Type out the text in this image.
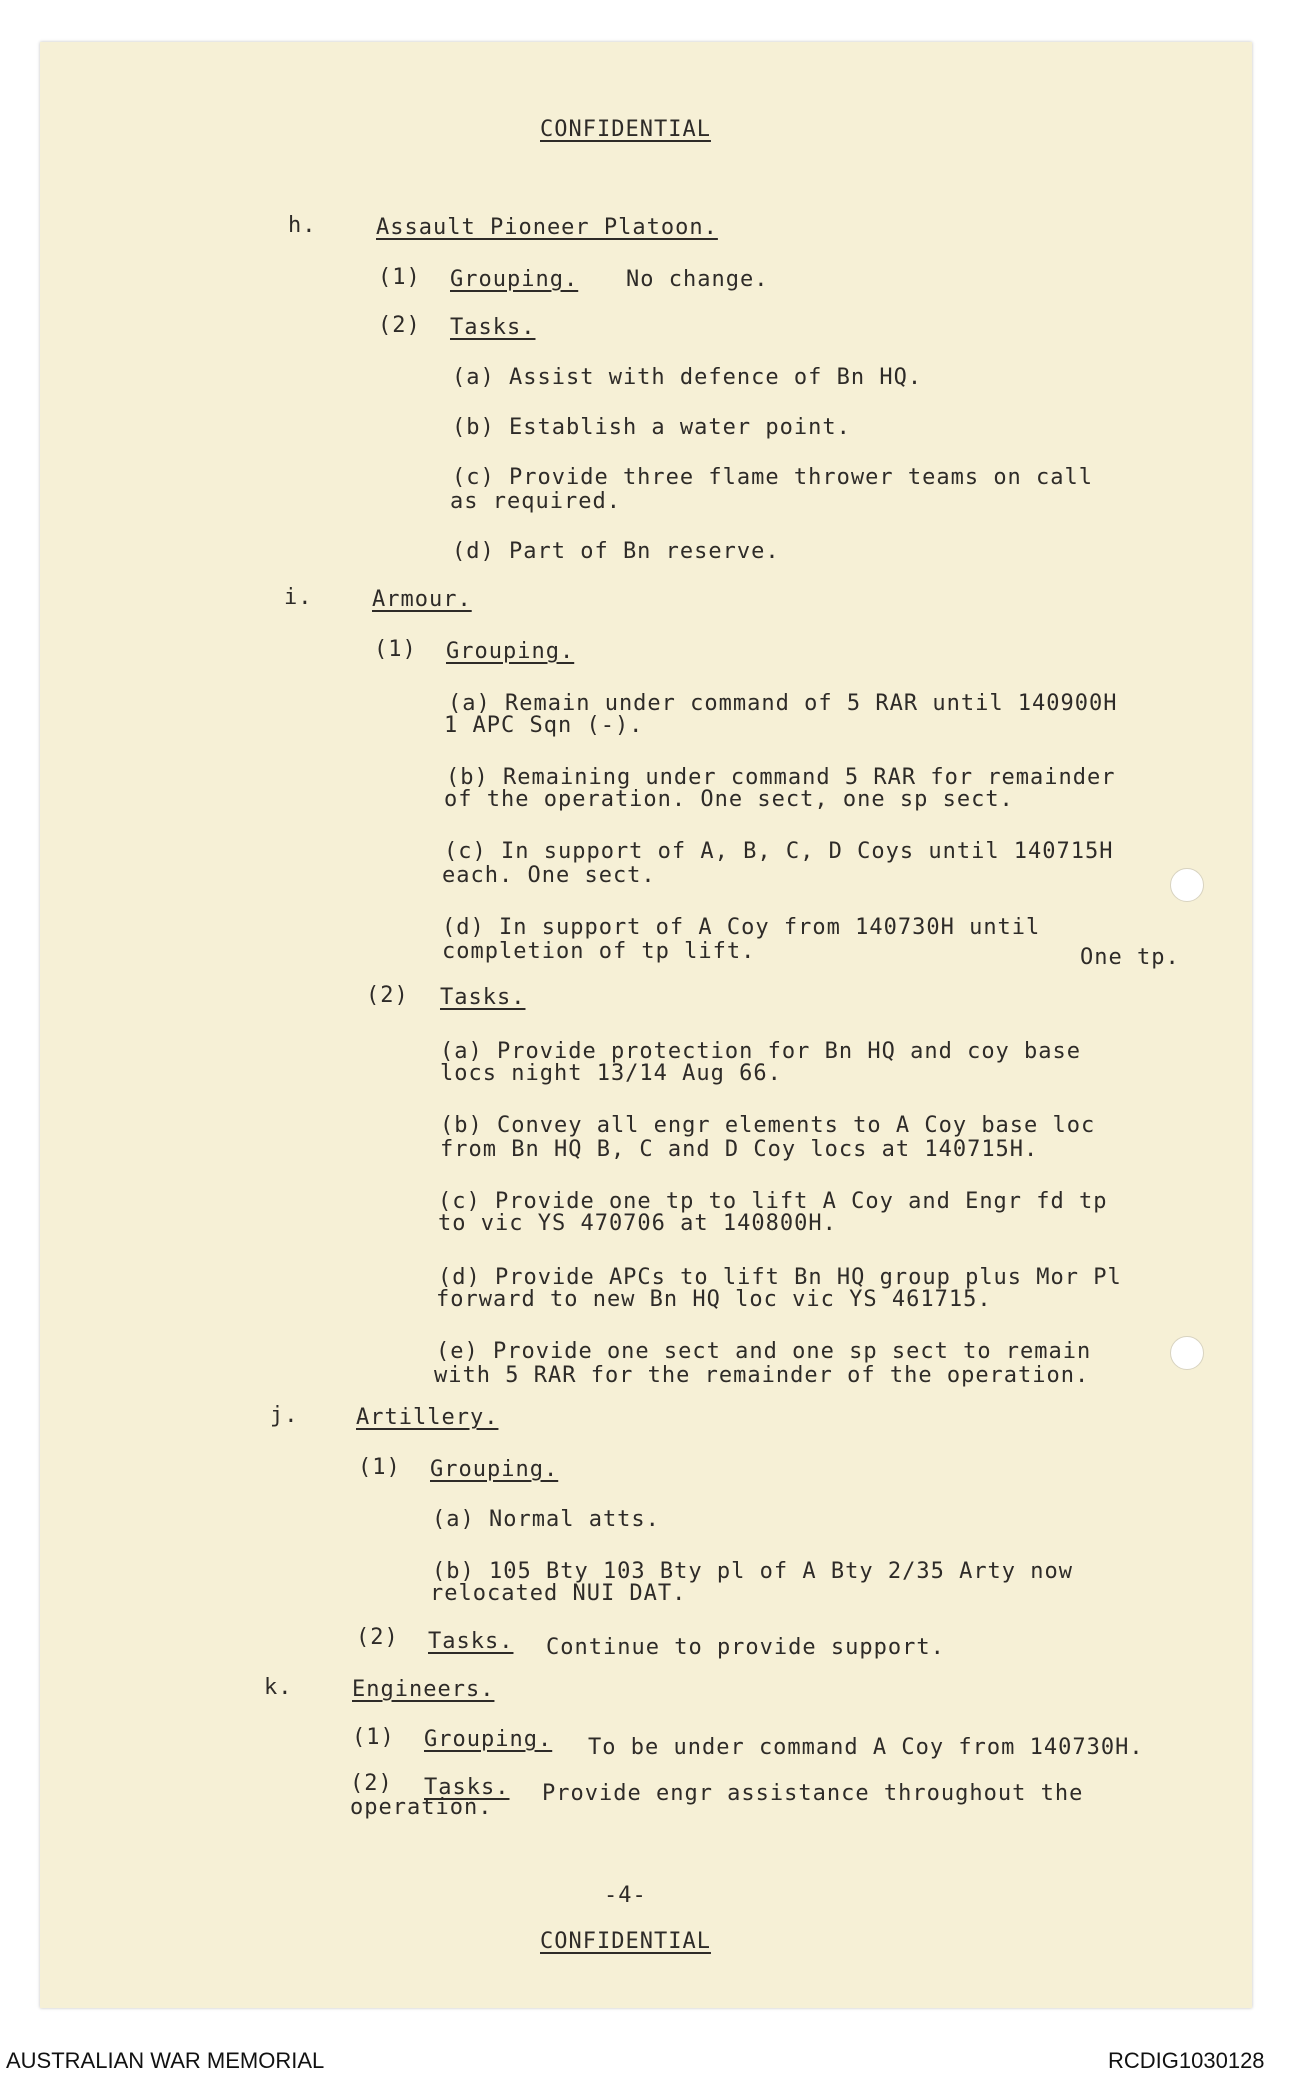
CONFIDENTIAL
h.	Assault Pioneer Platoon.
(1) Grouping. No change.
(2) Tasks.
(a) Assist with defence of Bn HQ.
(b) Establish a water point.
(c) Provide three flame thrower teams on call
as required.
(d) Part of Bn reserve.
i.	Armour.
(1) Grouping.
(a) Remain under command of 5 RAR until 140900H
1 APC Sqn (-).
(b) Remaining under command 5 RAR for remainder
of the operation. One sect, one sp sect.
(c) In support of A, B, C, D Coys until 140715H
each. One sect.
(d) In support of A Coy from 140730H until
completion of tp lift.	One tp.
(2) Tasks.
(a) Provide protection for Bn HQ and coy base
locs night 13/14 Aug 66.
(b) Convey all engr elements to A Coy base loc
from Bn HQ B, C and D Coy locs at 140715H.
(c) Provide one tp to lift A Coy and Engr fd tp
to vic YS 470706 at 140800H.
(d) Provide APCs to lift Bn HQ group plus Mor Pl
forward to new Bn HQ loc vic YS 461715.
(e) Provide one sect and one sp sect to remain
with 5 RAR for the remainder of the operation.
j.	Artillery.
(1) Grouping.
(a) Normal atts.
(b) 105 Bty 103 Bty pl of A Bty 2/35 Arty now
relocated NUI DAT.
(2) Tasks. Continue to provide support.
k.	Engineers.
(1) Grouping. To be under command A Coy from 140730H.
(2) Tasks. Provide engr assistance throughout the
operation.
-4-
CONFIDENTIAL
AUSTRALIAN WAR MEMORIAL	RCDIG1030128
